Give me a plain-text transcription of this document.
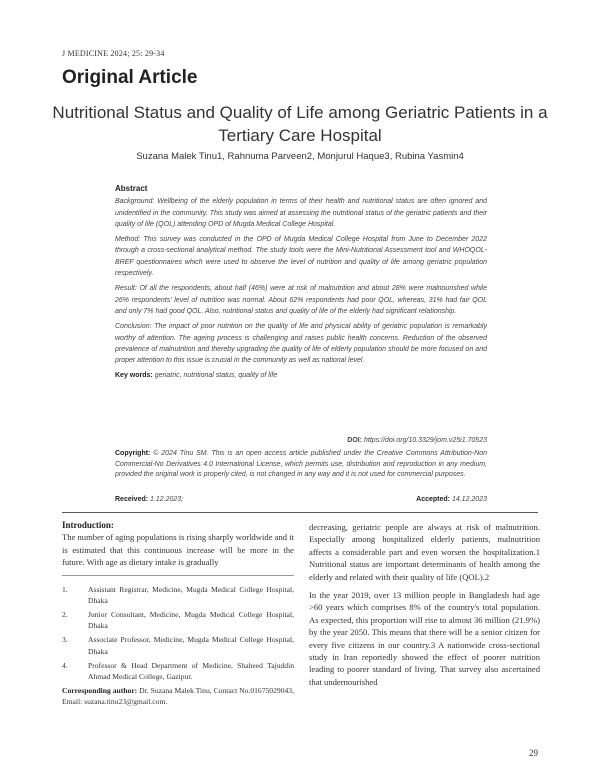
J MEDICINE 2024; 25: 29-34
Original Article
Nutritional Status and Quality of Life among Geriatric Patients in a Tertiary Care Hospital
Suzana Malek Tinu1, Rahnuma Parveen2, Monjurul Haque3, Rubina Yasmin4
Abstract

Background: Wellbeing of the elderly population in terms of their health and nutritional status are often ignored and unidentified in the community. This study was aimed at assessing the nutritional status of the geriatric patients and their quality of life (QOL) attending OPD of Mugda Medical College Hospital.

Method: This survey was conducted in the OPD of Mugda Medical College Hospital from June to December 2022 through a cross-sectional analytical method. The study tools were the Mini-Nutritional Assessment tool and WHOQOL-BREF questionnaires which were used to observe the level of nutrition and quality of life among geriatric population respectively.

Result: Of all the respondents, about half (46%) were at risk of malnutrition and about 28% were malnourished while 26% respondents' level of nutrition was normal. About 62% respondents had poor QOL, whereas, 31% had fair QOL and only 7% had good QOL. Also, nutritional status and quality of life of the elderly had significant relationship.

Conclusion: The impact of poor nutrition on the quality of life and physical ability of geriatric population is remarkably worthy of attention. The ageing process is challenging and raises public health concerns. Reduction of the observed prevalence of malnutrition and thereby upgrading the quality of life of elderly population should be more focused on and proper attention to this issue is crucial in the community as well as national level.

Key words: geriatric, nutritional status, quality of life

DOI: https://doi.org/10.3329/jom.v25i1.70523
Copyright: © 2024 Tinu SM. This is an open access article published under the Creative Commons Attribution-Non Commercial-No Derivatives 4.0 International License, which permits use, distribution and reproduction in any medium, provided the original work is properly cited, is not changed in any way and it is not used for commercial purposes.
Received: 1.12.2023;	Accepted: 14.12.2023
Introduction:

The number of aging populations is rising sharply worldwide and it is estimated that this continuous increase will be more in the future. With age as dietary intake is gradually

1.	Assistant Registrar, Medicine, Mugda Medical College Hospital, Dhaka
2.	Junior Consultant, Medicine, Mugda Medical College Hospital, Dhaka
3.	Associate Professor, Medicine, Mugda Medical College Hospital, Dhaka
4.	Professor & Head Department of Medicine, Shaheed Tajuddin Ahmad Medical College, Gazipur.
Corresponding author: Dr. Suzana Malek Tinu, Contact No.01675029043, Email: suzana.tinu23@gmail.com.

decreasing, geriatric people are always at risk of malnutrition. Especially among hospitalized elderly patients, malnutrition affects a considerable part and even worsen the hospitalization.1 Nutritional status are important determinants of health among the elderly and related with their quality of life (QOL).2

In the year 2019, over 13 million people in Bangladesh had age >60 years which comprises 8% of the country's total population. As expected, this proportion will rise to almost 36 million (21.9%) by the year 2050. This means that there will be a senior citizen for every five citizens in our country.3 A nationwide cross-sectional study in Iran reportedly showed the effect of poorer nutrition leading to poorer standard of living. That survey also ascertained that undernourished

29
